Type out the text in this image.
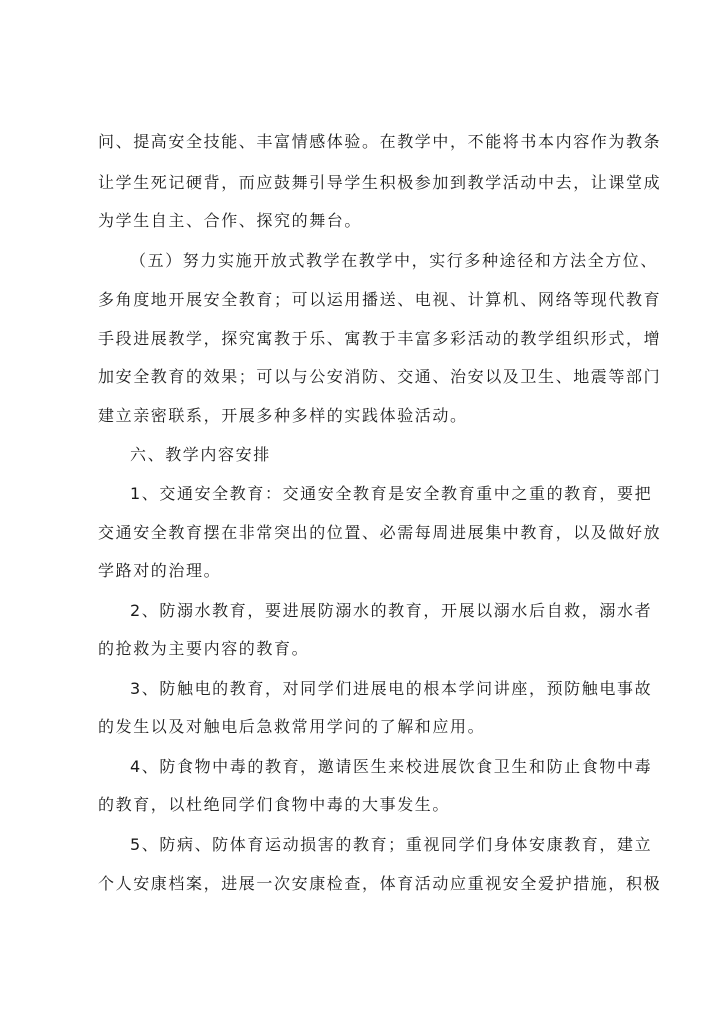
问、提高安全技能、丰富情感体验。在教学中，不能将书本内容作为教条
让学生死记硬背，而应鼓舞引导学生积极参加到教学活动中去，让课堂成
为学生自主、合作、探究的舞台。
（五）努力实施开放式教学在教学中，实行多种途径和方法全方位、
多角度地开展安全教育；可以运用播送、电视、计算机、网络等现代教育
手段进展教学，探究寓教于乐、寓教于丰富多彩活动的教学组织形式，增
加安全教育的效果；可以与公安消防、交通、治安以及卫生、地震等部门
建立亲密联系，开展多种多样的实践体验活动。
六、教学内容安排
1、交通安全教育：交通安全教育是安全教育重中之重的教育，要把
交通安全教育摆在非常突出的位置、必需每周进展集中教育，以及做好放
学路对的治理。
2、防溺水教育，要进展防溺水的教育，开展以溺水后自救，溺水者
的抢救为主要内容的教育。
3、防触电的教育，对同学们进展电的根本学问讲座，预防触电事故
的发生以及对触电后急救常用学问的了解和应用。
4、防食物中毒的教育，邀请医生来校进展饮食卫生和防止食物中毒
的教育，以杜绝同学们食物中毒的大事发生。
5、防病、防体育运动损害的教育；重视同学们身体安康教育，建立
个人安康档案，进展一次安康检查，体育活动应重视安全爱护措施，积极
